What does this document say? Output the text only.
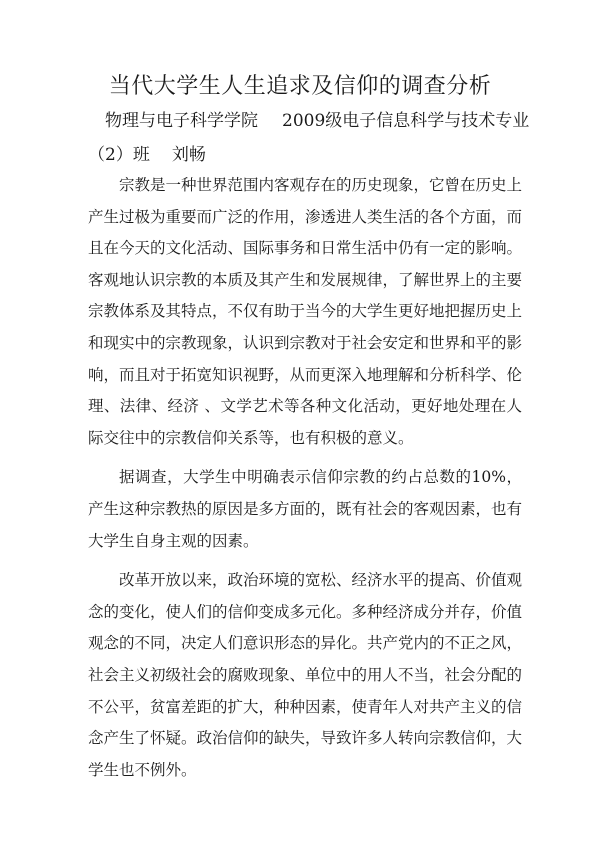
当代大学生人生追求及信仰的调查分析
物理与电子科学学院 2009级电子信息科学与技术专业
（2）班 刘畅

宗教是一种世界范围内客观存在的历史现象，它曾在历史上产生过极为重要而广泛的作用，渗透进人类生活的各个方面，而且在今天的文化活动、国际事务和日常生活中仍有一定的影响。客观地认识宗教的本质及其产生和发展规律，了解世界上的主要宗教体系及其特点，不仅有助于当今的大学生更好地把握历史上和现实中的宗教现象，认识到宗教对于社会安定和世界和平的影响，而且对于拓宽知识视野，从而更深入地理解和分析科学、伦理、法律、经济 、文学艺术等各种文化活动，更好地处理在人际交往中的宗教信仰关系等，也有积极的意义。

据调查，大学生中明确表示信仰宗教的约占总数的10%，产生这种宗教热的原因是多方面的，既有社会的客观因素，也有大学生自身主观的因素。

改革开放以来，政治环境的宽松、经济水平的提高、价值观念的变化，使人们的信仰变成多元化。多种经济成分并存，价值观念的不同，决定人们意识形态的异化。共产党内的不正之风，社会主义初级社会的腐败现象、单位中的用人不当，社会分配的不公平，贫富差距的扩大，种种因素，使青年人对共产主义的信念产生了怀疑。政治信仰的缺失，导致许多人转向宗教信仰，大学生也不例外。
